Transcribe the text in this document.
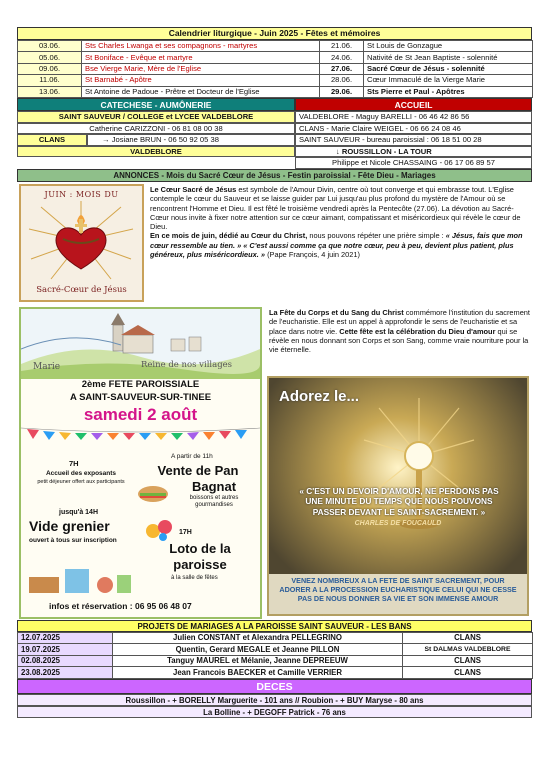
Calendrier liturgique - Juin 2025 - Fêtes et mémoires
03.06.	Sts Charles Lwanga et ses compagnons - martyres	21.06.	St Louis de Gonzague
05.06.	St Boniface - Evêque et martyre	24.06.	Nativité de St Jean Baptiste - solennité
09.06.	Bse Vierge Marie, Mère de l'Eglise	27.06.	Sacré Cœur de Jésus - solennité
11.06.	St Barnabé - Apôtre	28.06.	Cœur Immaculé de la Vierge Marie
13.06.	St Antoine de Padoue - Prêtre et Docteur de l'Eglise	29.06.	Sts Pierre et Paul - Apôtres
CATECHESE - AUMÔNERIE
SAINT SAUVEUR / COLLEGE et LYCEE VALDEBLORE
Catherine CARIZZONI - 06 81 08 00 38
CLANS	→ Josiane BRUN - 06 50 92 05 38
VALDEBLORE
ACCUEIL
VALDEBLORE - Maguy BARELLI - 06 46 42 86 56
CLANS - Marie Claire WEIGEL - 06 66 24 08 46
SAINT SAUVEUR - bureau paroissial : 06 18 51 00 28
↓ ROUSSILLON - LA TOUR
Philippe et Nicole CHASSAING - 06 17 06 89 57
ANNONCES - Mois du Sacré Cœur de Jésus - Festin paroissial - Fête Dieu - Mariages
JUIN : MOIS DU
Sacré-Cœur de Jésus

Le Cœur Sacré de Jésus est symbole de l'Amour Divin, centre où tout converge et qui embrasse tout. L'Eglise contemple le cœur du Sauveur et se laisse guider par Lui jusqu'au plus profond du mystère de l'Amour où se rencontrent l'Homme et Dieu. Il est fêté le troisième vendredi après la Pentecôte (27.06). La dévotion au Sacré-Cœur nous invite à fixer notre attention sur ce cœur aimant, compatissant et miséricordieux qui révèle le cœur de Dieu.

En ce mois de juin, dédié au Cœur du Christ, nous pouvons répéter une prière simple : « Jésus, fais que mon cœur ressemble au tien. » « C'est aussi comme ça que notre cœur, peu à peu, devient plus patient, plus généreux, plus miséricordieux. » (Pape François, 4 juin 2021)

Marie	Reine de nos villages
2ème FETE PAROISSIALE
A SAINT-SAUVEUR-SUR-TINEE
samedi 2 août
7H
Accueil des exposants
petit déjeuner offert aux participants
A partir de 11h
Vente de Pan
Bagnat
boissons et autres gourmandises
jusqu'à 14H
Vide grenier
ouvert à tous sur inscription
17H
Loto de la
paroisse
à la salle de fêtes
infos et réservation : 06 95 06 48 07

La Fête du Corps et du Sang du Christ commémore l'institution du sacrement de l'eucharistie. Elle est un appel à approfondir le sens de l'eucharistie et sa place dans notre vie. Cette fête est la célébration du Dieu d'amour qui se révèle en nous donnant son Corps et son Sang, comme vraie nourriture pour la vie éternelle.

Adorez le...
« C'EST UN DEVOIR D'AMOUR, NE PERDONS PAS UNE MINUTE DU TEMPS QUE NOUS POUVONS PASSER DEVANT LE SAINT-SACREMENT. »
CHARLES DE FOUCAULD
VENEZ NOMBREUX A LA FETE DE SAINT SACREMENT, POUR ADORER A LA PROCESSION EUCHARISTIQUE CELUI QUI NE CESSE PAS DE NOUS DONNER SA VIE ET SON IMMENSE AMOUR
PROJETS DE MARIAGES A LA PAROISSE SAINT SAUVEUR - LES BANS
12.07.2025	Julien CONSTANT et Alexandra PELLEGRINO	CLANS
19.07.2025	Quentin, Gerard MEGALE et Jeanne PILLON	St DALMAS VALDEBLORE
02.08.2025	Tanguy MAUREL et Mélanie, Jeanne DEPREEUW	CLANS
23.08.2025	Jean Francois BAECKER et Camille VERRIER	CLANS
DECES
Roussillon - + BORELLY Marguerite - 101 ans // Roubion - + BUY Maryse - 80 ans
La Bolline - + DEGOFF Patrick - 76 ans
